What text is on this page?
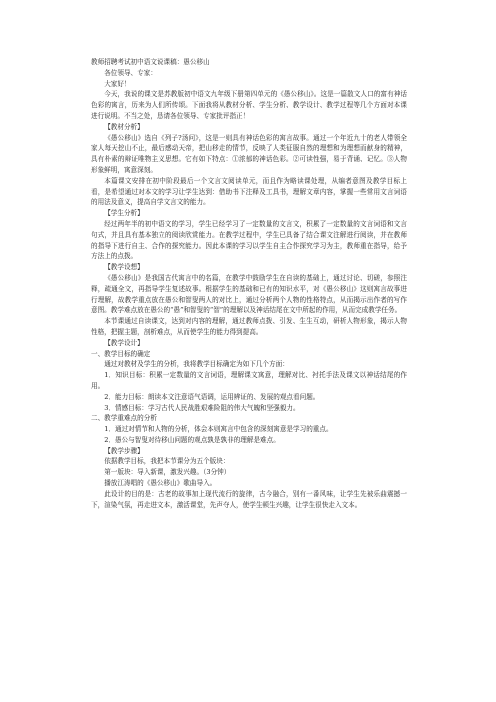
教师招聘考试初中语文说课稿：愚公移山

各位领导、专家：

大家好！

今天，我说的课文是苏教版初中语文九年级下册第四单元的《愚公移山》。这是一篇散文人口的富有神话色彩的寓言，历来为人们所传颂。下面我将从教材分析、学生分析、教学设计、教学过程等几个方面对本课进行说明。不当之处，恳请各位领导、专家批评指正！

【教材分析】

《愚公移山》选自《列子?汤问》，这是一则具有神话色彩的寓言故事。通过一个年近九十的老人带领全家人每天挖山不止，最后感动天帝，把山移走的情节，反映了人类征服自然的理想和为理想而献身的精神，具有朴素的辩证唯物主义思想。它有如下特点：①浓郁的神话色彩。②可读性强，易于背诵、记忆。③人物形象鲜明，寓意深刻。

本篇课文安排在初中阶段最后一个文言文阅读单元，而且作为略读课处理，从编者意图及教学目标上看，是希望通过对本文的学习让学生达到：借助书下注释及工具书，理解文章内容，掌握一些常用文言词语的用法及意义，提高自学文言文的能力。

【学生分析】

经过两年半的初中语文的学习，学生已经学习了一定数量的文言文，积累了一定数量的文言词语和文言句式，并且具有基本独立的阅读欣赏能力。在教学过程中，学生已具备了结合课文注解进行阅读，并在教师的指导下进行自主、合作的探究能力。因此本课的学习以学生自主合作探究学习为主，教师重在指导，给予方法上的点拨。

【教学设想】

《愚公移山》是我国古代寓言中的名篇，在教学中鼓励学生在自读的基础上，通过讨论、切磋，参照注释，疏通全文，再指导学生复述故事。根据学生的基础和已有的知识水平，对《愚公移山》这则寓言故事进行理解，故教学重点放在愚公和智叟两人的对比上，通过分析两个人物的性格特点，从而揭示出作者的写作意图。教学难点放在愚公的“愚”和智叟的“智”的理解以及神话结尾在文中所起的作用，从而完成教学任务。

本节课通过自读课文，达到对内容的理解，通过教师点拨、引发、生生互动，研析人物形象，揭示人物性格，把握主题，剖析难点，从而使学生的能力得到提高。

【教学设计】

一、教学目标的确定

通过对教材及学生的分析，我将教学目标确定为如下几个方面：

1．知识目标：积累一定数量的文言词语，理解课文寓意，理解对比、衬托手法及课文以神话结尾的作用。

2．能力目标：朗读本文注意语气语调，运用辨证的、发展的观点看问题。

3．情感目标：学习古代人民战胜艰难险阻的伟大气魄和坚强毅力。

二、教学重难点的分析

1．通过对情节和人物的分析，体会本则寓言中包含的深刻寓意是学习的重点。

2．愚公与智叟对待移山问题的观点孰是孰非的理解是难点。

【教学步骤】

依据教学目标，我把本节课分为五个版块：

第一版块：导入新课，激发兴趣。（3分钟）

播放江涛唱的《愚公移山》歌曲导入。

此设计的目的是：古老的故事加上现代流行的旋律，古今融合，别有一番风味，让学生先被乐曲震撼一下，渲染气氛，再走进文本，激活课堂，先声夺人，使学生顿生兴趣，让学生很快走入文本。
